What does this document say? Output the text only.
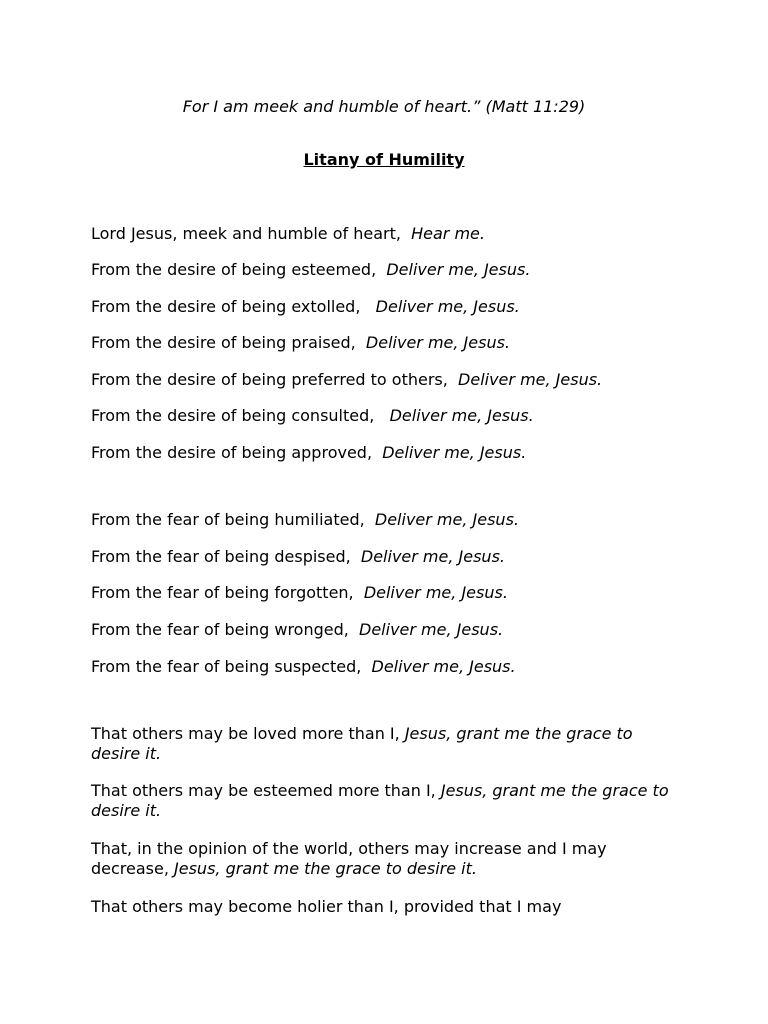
For I am meek and humble of heart.” (Matt 11:29)
Litany of Humility
Lord Jesus, meek and humble of heart,  Hear me.
From the desire of being esteemed,  Deliver me, Jesus.
From the desire of being extolled,   Deliver me, Jesus.
From the desire of being praised,  Deliver me, Jesus.
From the desire of being preferred to others,  Deliver me, Jesus.
From the desire of being consulted,   Deliver me, Jesus.
From the desire of being approved,  Deliver me, Jesus.
From the fear of being humiliated,  Deliver me, Jesus.
From the fear of being despised,  Deliver me, Jesus.
From the fear of being forgotten,  Deliver me, Jesus.
From the fear of being wronged,  Deliver me, Jesus.
From the fear of being suspected,  Deliver me, Jesus.
That others may be loved more than I, Jesus, grant me the grace to desire it.
That others may be esteemed more than I, Jesus, grant me the grace to desire it.
That, in the opinion of the world, others may increase and I may decrease, Jesus, grant me the grace to desire it.
That others may become holier than I, provided that I may
